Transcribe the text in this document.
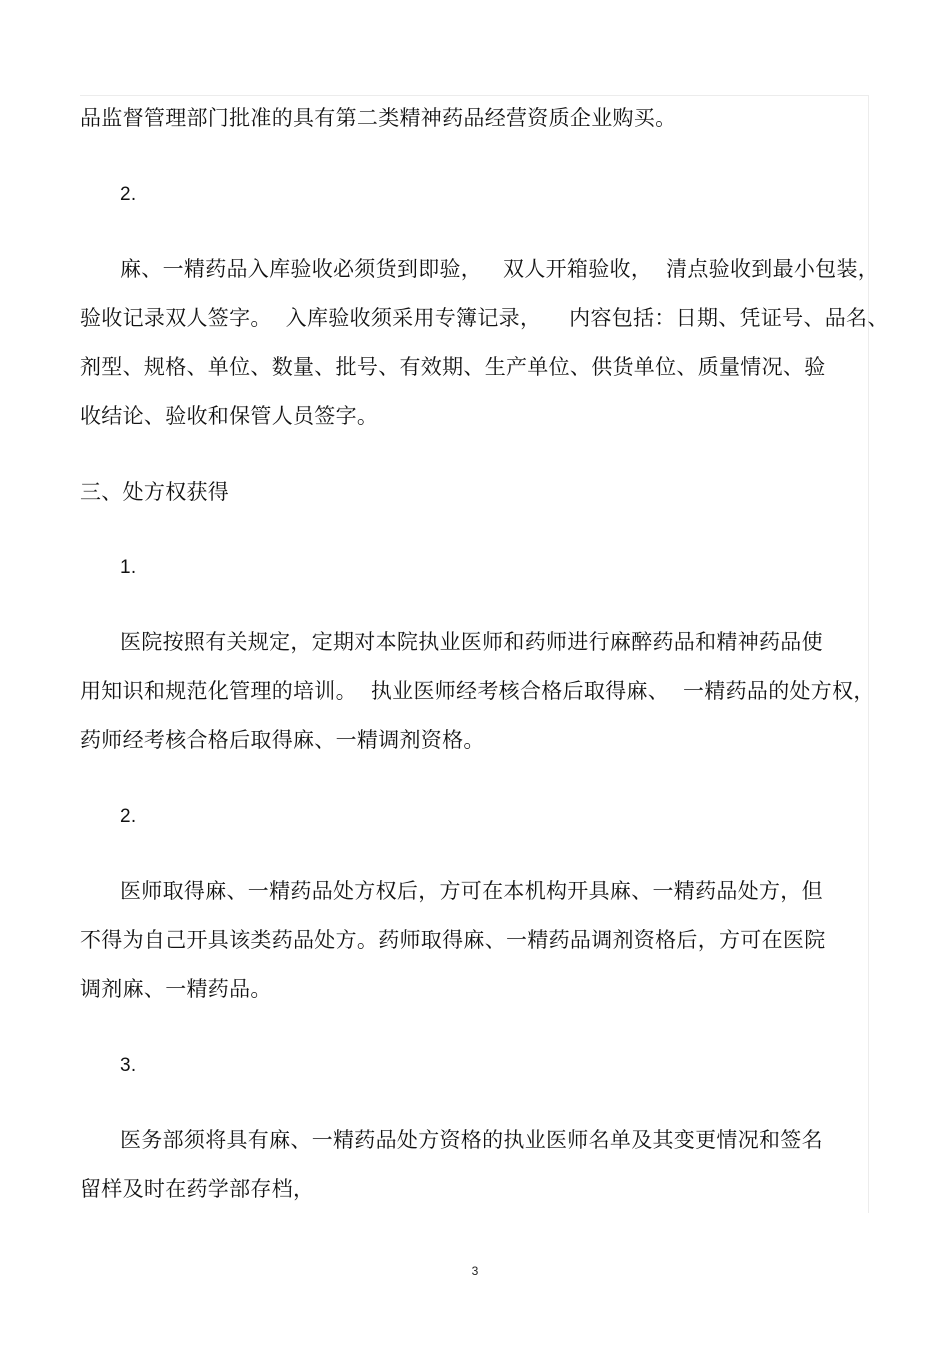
品监督管理部门批准的具有第二类精神药品经营资质企业购买。
2.
麻、一精药品入库验收必须货到即验，   双人开箱验收，  清点验收到最小包装，
验收记录双人签字。  入库验收须采用专簿记录，    内容包括：日期、凭证号、品名、
剂型、规格、单位、数量、批号、有效期、生产单位、供货单位、质量情况、验
收结论、验收和保管人员签字。
三、处方权获得
1.
医院按照有关规定，定期对本院执业医师和药师进行麻醉药品和精神药品使
用知识和规范化管理的培训。  执业医师经考核合格后取得麻、  一精药品的处方权，
药师经考核合格后取得麻、一精调剂资格。
2.
医师取得麻、一精药品处方权后，方可在本机构开具麻、一精药品处方，但
不得为自己开具该类药品处方。药师取得麻、一精药品调剂资格后，方可在医院
调剂麻、一精药品。
3.
医务部须将具有麻、一精药品处方资格的执业医师名单及其变更情况和签名
留样及时在药学部存档，
3
